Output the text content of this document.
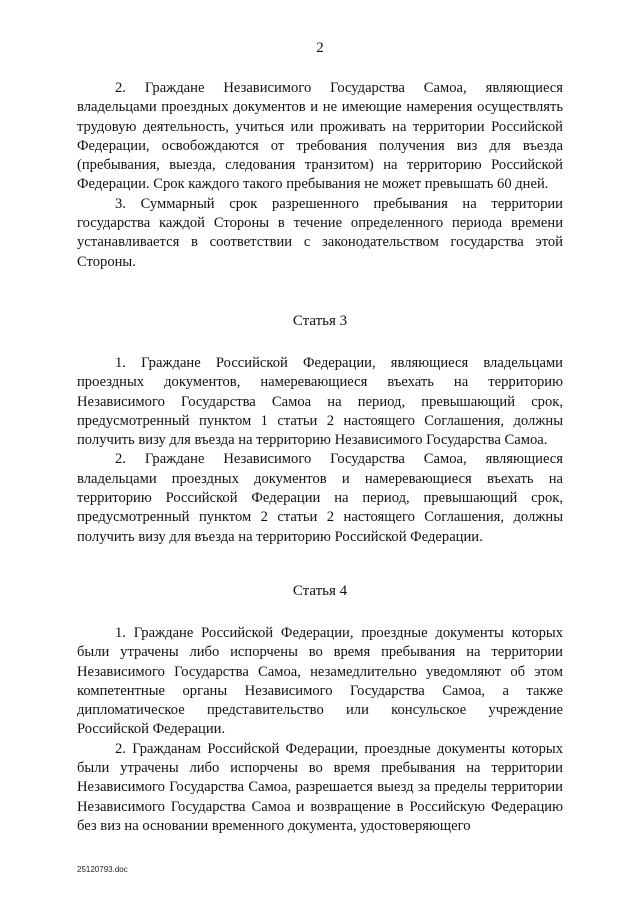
2

2. Граждане Независимого Государства Самоа, являющиеся владельцами проездных документов и не имеющие намерения осуществлять трудовую деятельность, учиться или проживать на территории Российской Федерации, освобождаются от требования получения виз для въезда (пребывания, выезда, следования транзитом) на территорию Российской Федерации. Срок каждого такого пребывания не может превышать 60 дней.

3. Суммарный срок разрешенного пребывания на территории государства каждой Стороны в течение определенного периода времени устанавливается в соответствии с законодательством государства этой Стороны.

Статья 3

1. Граждане Российской Федерации, являющиеся владельцами проездных документов, намеревающиеся въехать на территорию Независимого Государства Самоа на период, превышающий срок, предусмотренный пунктом 1 статьи 2 настоящего Соглашения, должны получить визу для въезда на территорию Независимого Государства Самоа.

2. Граждане Независимого Государства Самоа, являющиеся владельцами проездных документов и намеревающиеся въехать на территорию Российской Федерации на период, превышающий срок, предусмотренный пунктом 2 статьи 2 настоящего Соглашения, должны получить визу для въезда на территорию Российской Федерации.

Статья 4

1. Граждане Российской Федерации, проездные документы которых были утрачены либо испорчены во время пребывания на территории Независимого Государства Самоа, незамедлительно уведомляют об этом компетентные органы Независимого Государства Самоа, а также дипломатическое представительство или консульское учреждение Российской Федерации.

2. Гражданам Российской Федерации, проездные документы которых были утрачены либо испорчены во время пребывания на территории Независимого Государства Самоа, разрешается выезд за пределы территории Независимого Государства Самоа и возвращение в Российскую Федерацию без виз на основании временного документа, удостоверяющего

25120793.doc
